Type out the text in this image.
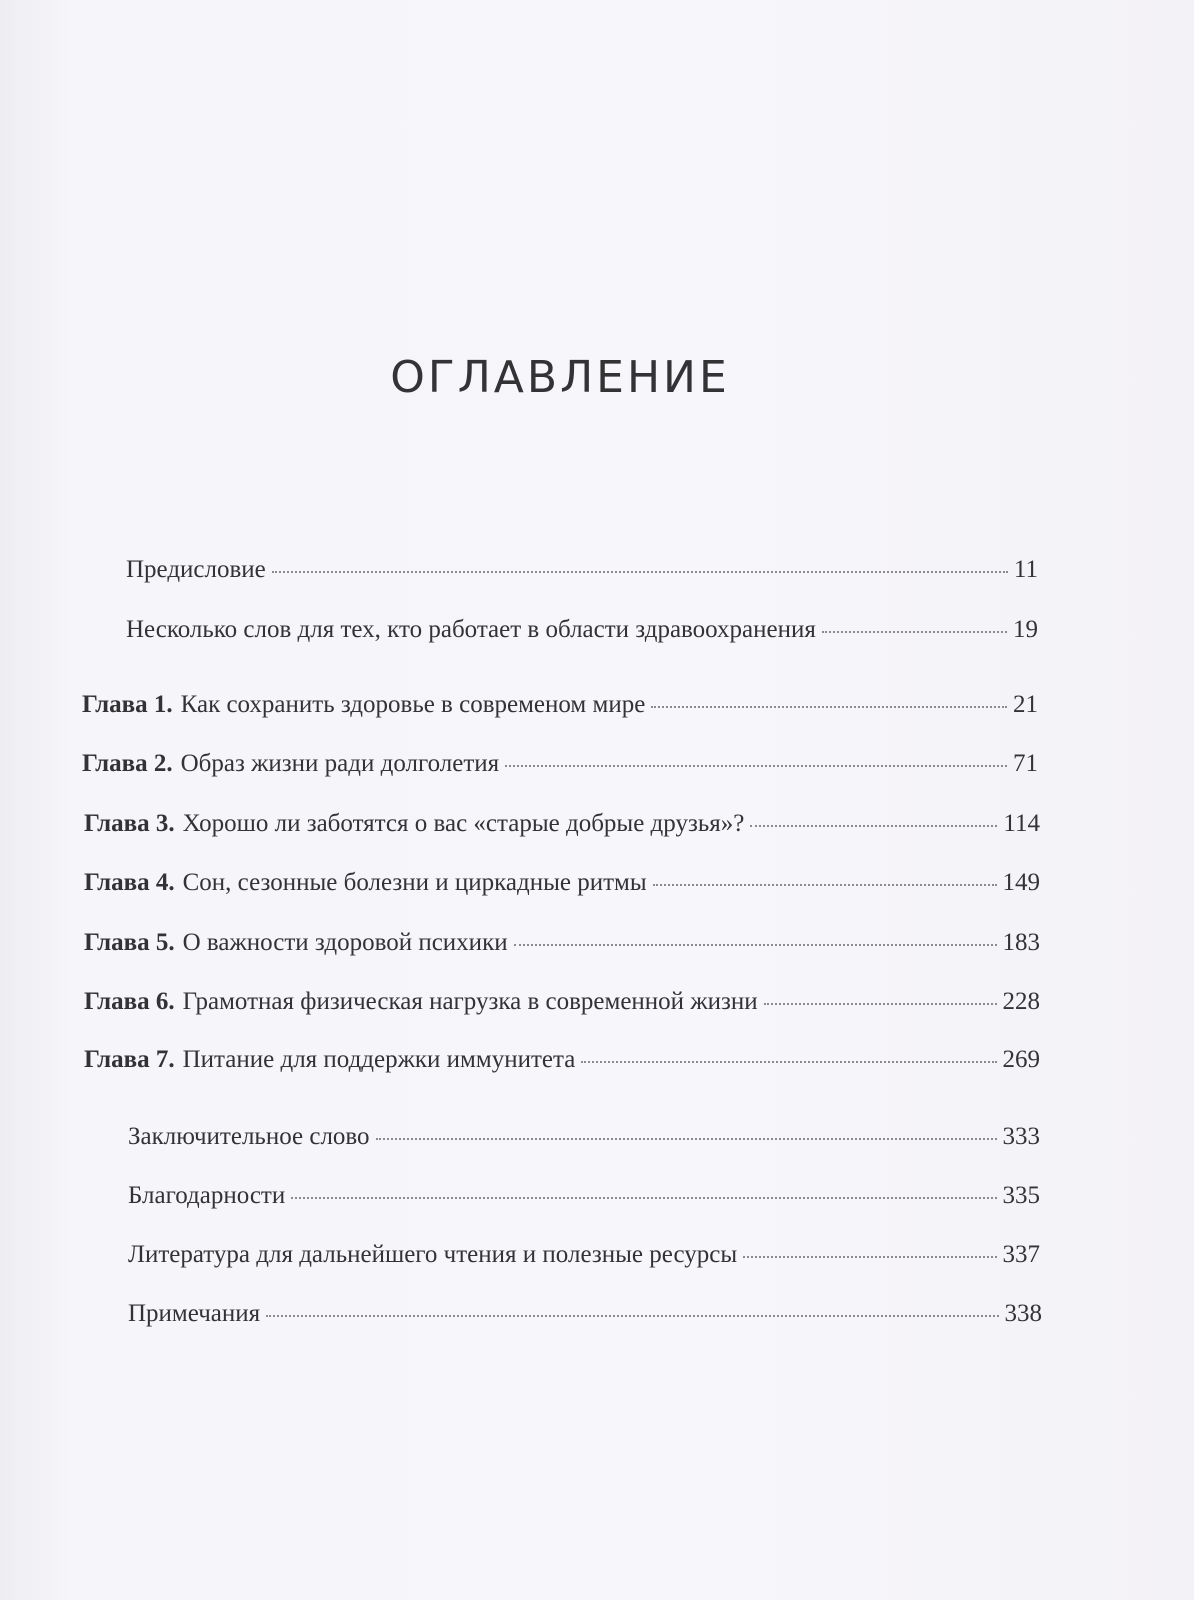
ОГЛАВЛЕНИЕ
Предисловие	11
Несколько слов для тех, кто работает в области здравоохранения	19
Глава 1. Как сохранить здоровье в современом мире	21
Глава 2. Образ жизни ради долголетия	71
Глава 3. Хорошо ли заботятся о вас «старые добрые друзья»?	114
Глава 4. Сон, сезонные болезни и циркадные ритмы	149
Глава 5. О важности здоровой психики	183
Глава 6. Грамотная физическая нагрузка в современной жизни	228
Глава 7. Питание для поддержки иммунитета	269
Заключительное слово	333
Благодарности	335
Литература для дальнейшего чтения и полезные ресурсы	337
Примечания	338
